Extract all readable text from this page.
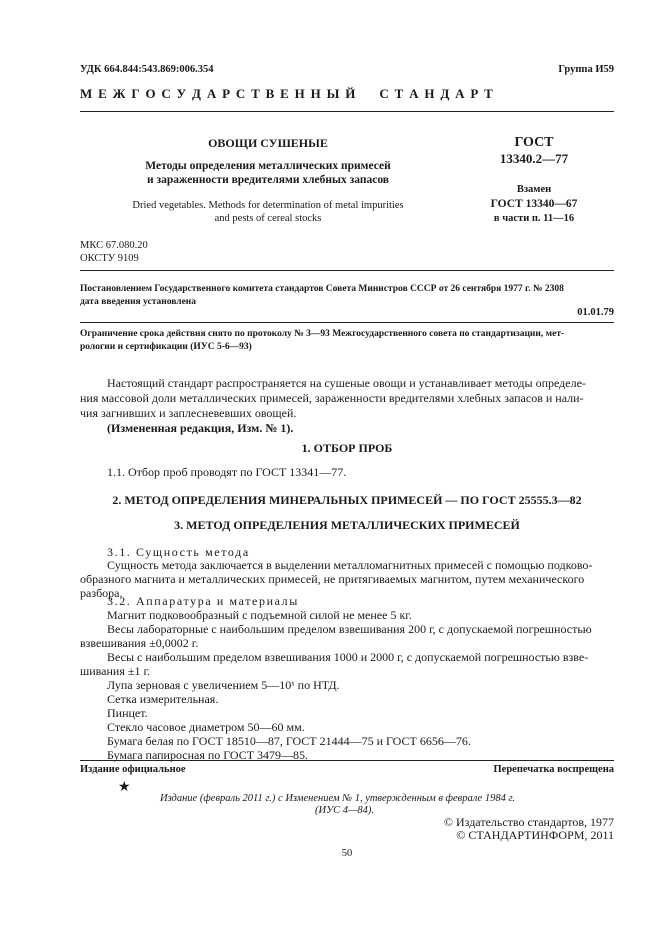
УДК 664.844:543.869:006.354	Группа И59
М Е Ж Г О С У Д А Р С Т В Е Н Н Ы Й     С Т А Н Д А Р Т
ОВОЩИ СУШЕНЫЕ
Методы определения металлических примесей
и зараженности вредителями хлебных запасов
Dried vegetables. Methods for determination of metal impurities
and pests of cereal stocks
ГОСТ
13340.2—77
Взамен
ГОСТ 13340—67
в части п. 11—16
МКС 67.080.20
ОКСТУ 9109
Постановлением Государственного комитета стандартов Совета Министров СССР от 26 сентября 1977 г. № 2308
дата введения установлена
01.01.79
Ограничение срока действия снято по протоколу № 3—93 Межгосударственного совета по стандартизации, мет-
рологии и сертификации (ИУС 5-6—93)
Настоящий стандарт распространяется на сушеные овощи и устанавливает методы определе-
ния массовой доли металлических примесей, зараженности вредителями хлебных запасов и нали-
чия загнивших и заплесневевших овощей.
(Измененная редакция, Изм. № 1).
1. ОТБОР ПРОБ
1.1. Отбор проб проводят по ГОСТ 13341—77.
2. МЕТОД ОПРЕДЕЛЕНИЯ МИНЕРАЛЬНЫХ ПРИМЕСЕЙ — ПО ГОСТ 25555.3—82
3. МЕТОД ОПРЕДЕЛЕНИЯ МЕТАЛЛИЧЕСКИХ ПРИМЕСЕЙ
3.1. Сущность метода
Сущность метода заключается в выделении металломагнитных примесей с помощью подково-
образного магнита и металлических примесей, не притягиваемых магнитом, путем механического
разбора.
3.2. Аппаратура и материалы
Магнит подковообразный с подъемной силой не менее 5 кг.
Весы лабораторные с наибольшим пределом взвешивания 200 г, с допускаемой погрешностью
взвешивания ±0,0002 г.
Весы с наибольшим пределом взвешивания 1000 и 2000 г, с допускаемой погрешностью взве-
шивания ±1 г.
Лупа зерновая с увеличением 5—10ˣ по НТД.
Сетка измерительная.
Пинцет.
Стекло часовое диаметром 50—60 мм.
Бумага белая по ГОСТ 18510—87, ГОСТ 21444—75 и ГОСТ 6656—76.
Бумага папиросная по ГОСТ 3479—85.
Издание официальное	Перепечатка воспрещена
★
Издание (февраль 2011 г.) с Изменением № 1, утвержденным в феврале 1984 г.
(ИУС 4—84).
© Издательство стандартов, 1977
© СТАНДАРТИНФОРМ, 2011
50
